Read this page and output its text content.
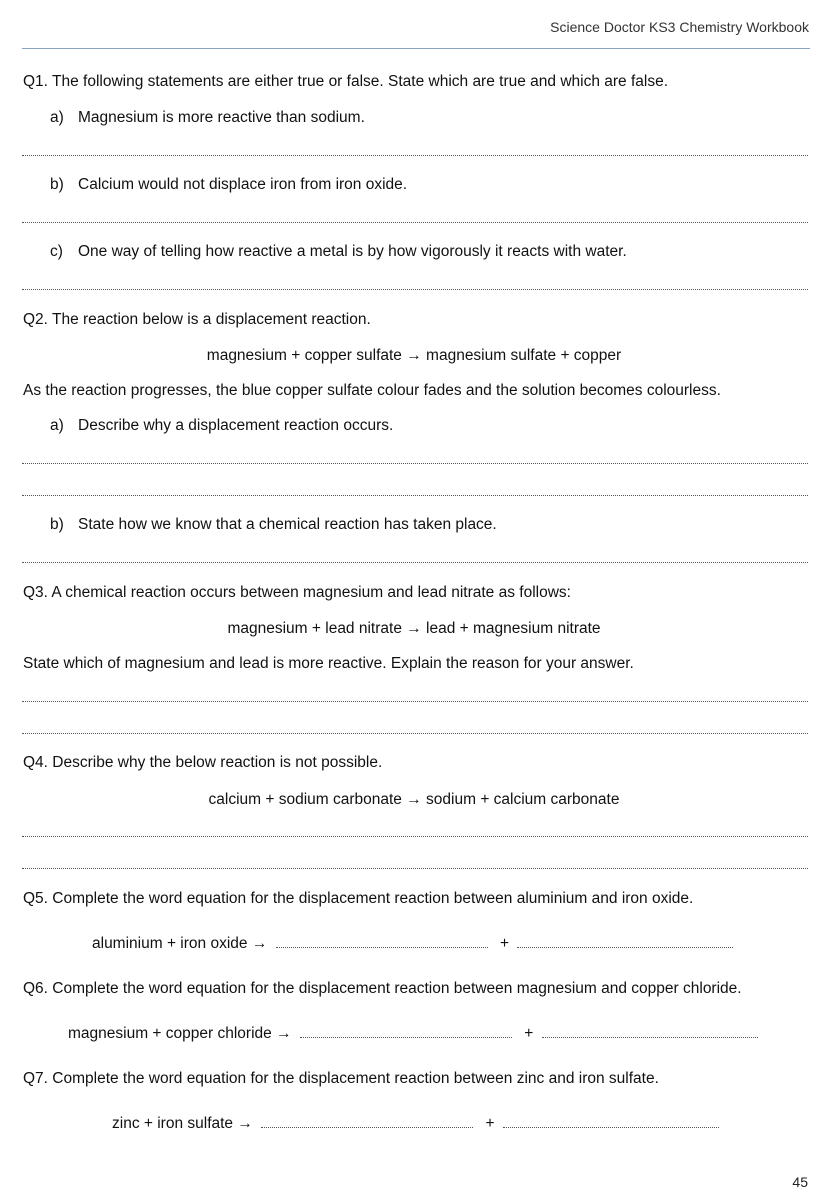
Science Doctor KS3 Chemistry Workbook
Q1. The following statements are either true or false. State which are true and which are false.
a) Magnesium is more reactive than sodium.
b) Calcium would not displace iron from iron oxide.
c) One way of telling how reactive a metal is by how vigorously it reacts with water.
Q2. The reaction below is a displacement reaction.
magnesium + copper sulfate → magnesium sulfate + copper
As the reaction progresses, the blue copper sulfate colour fades and the solution becomes colourless.
a) Describe why a displacement reaction occurs.
b) State how we know that a chemical reaction has taken place.
Q3. A chemical reaction occurs between magnesium and lead nitrate as follows:
magnesium + lead nitrate → lead + magnesium nitrate
State which of magnesium and lead is more reactive. Explain the reason for your answer.
Q4. Describe why the below reaction is not possible.
calcium + sodium carbonate → sodium + calcium carbonate
Q5. Complete the word equation for the displacement reaction between aluminium and iron oxide.
aluminium + iron oxide →	+
Q6. Complete the word equation for the displacement reaction between magnesium and copper chloride.
magnesium + copper chloride →	+
Q7. Complete the word equation for the displacement reaction between zinc and iron sulfate.
zinc + iron sulfate →	+
45
